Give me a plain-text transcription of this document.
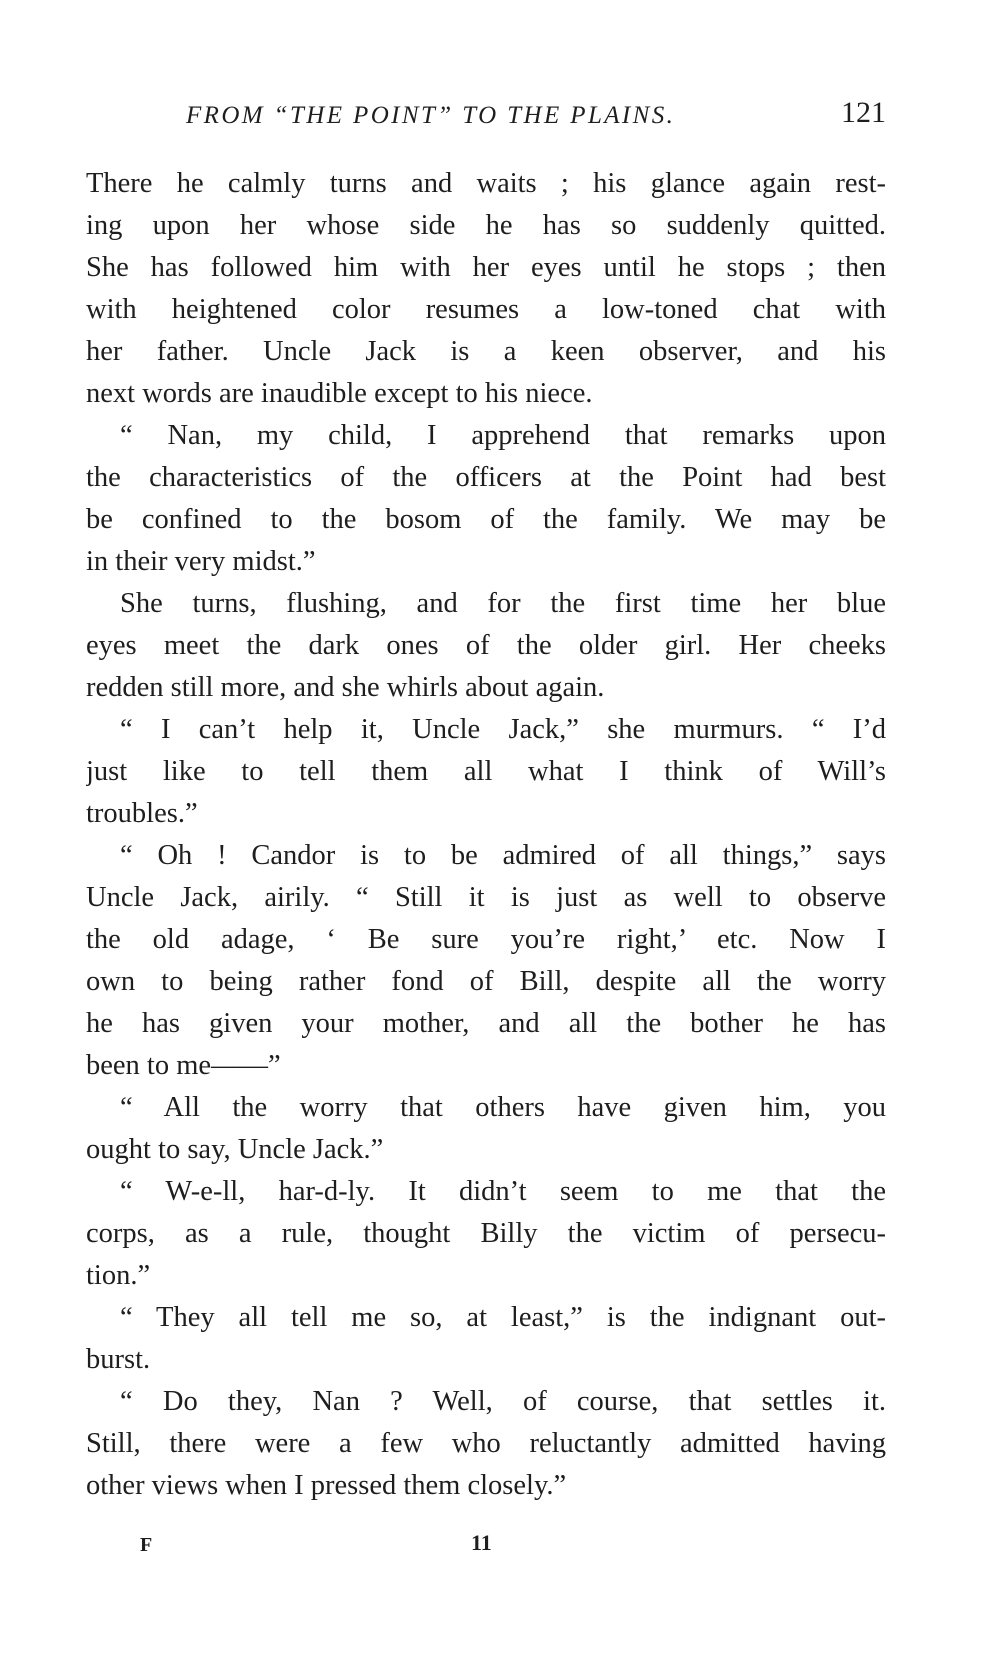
FROM “THE POINT” TO THE PLAINS.	121
There he calmly turns and waits ; his glance again rest-
ing upon her whose side he has so suddenly quitted.
She has followed him with her eyes until he stops ; then
with heightened color resumes a low-toned chat with
her father. Uncle Jack is a keen observer, and his
next words are inaudible except to his niece.
“ Nan, my child, I apprehend that remarks upon
the characteristics of the officers at the Point had best
be confined to the bosom of the family. We may be
in their very midst.”
She turns, flushing, and for the first time her blue
eyes meet the dark ones of the older girl. Her cheeks
redden still more, and she whirls about again.
“ I can’t help it, Uncle Jack,” she murmurs. “ I’d
just like to tell them all what I think of Will’s
troubles.”
“ Oh ! Candor is to be admired of all things,” says
Uncle Jack, airily. “ Still it is just as well to observe
the old adage, ‘ Be sure you’re right,’ etc. Now I
own to being rather fond of Bill, despite all the worry
he has given your mother, and all the bother he has
been to me——”
“ All the worry that others have given him, you
ought to say, Uncle Jack.”
“ W-e-ll, har-d-ly. It didn’t seem to me that the
corps, as a rule, thought Billy the victim of persecu-
tion.”
“ They all tell me so, at least,” is the indignant out-
burst.
“ Do they, Nan ? Well, of course, that settles it.
Still, there were a few who reluctantly admitted having
other views when I pressed them closely.”
F	11
